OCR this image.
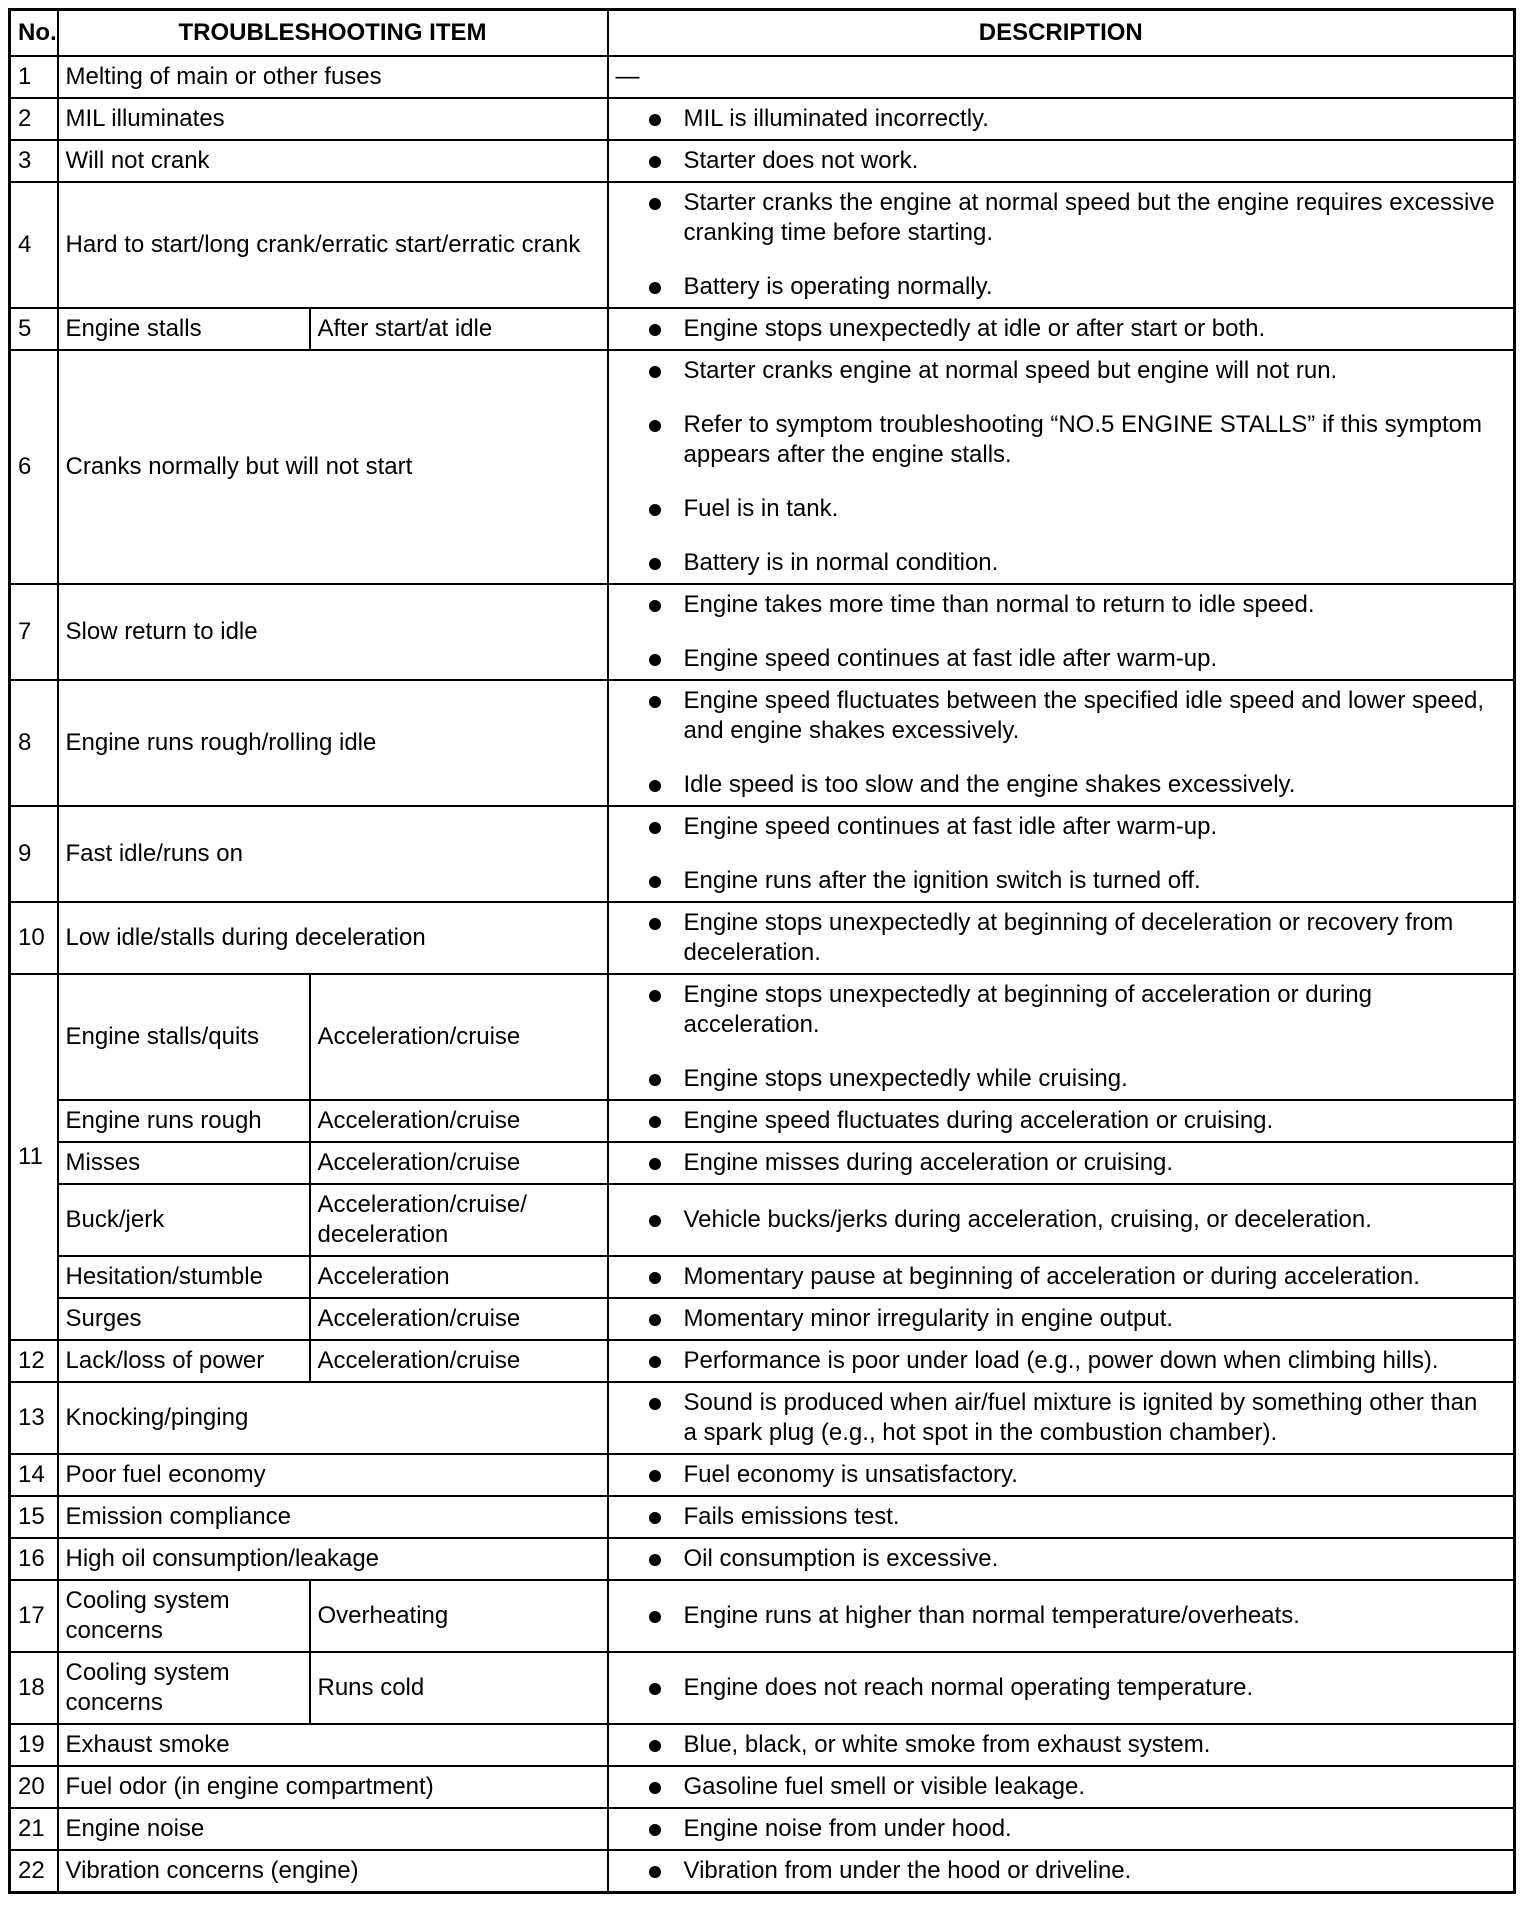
No.	TROUBLESHOOTING ITEM		DESCRIPTION
1	Melting of main or other fuses		—
2	MIL illuminates		MIL is illuminated incorrectly.

3	Will not crank		Starter does not work.

4	Hard to start/long crank/erratic start/erratic crank		Starter cranks the engine at normal speed but the engine requires excessive cranking time before starting.
Battery is operating normally.

5	Engine stalls	After start/at idle	Engine stops unexpectedly at idle or after start or both.

6	Cranks normally but will not start		Starter cranks engine at normal speed but engine will not run.
Refer to symptom troubleshooting “NO.5 ENGINE STALLS” if this symptom appears after the engine stalls.
Fuel is in tank.
Battery is in normal condition.

7	Slow return to idle		Engine takes more time than normal to return to idle speed.
Engine speed continues at fast idle after warm-up.

8	Engine runs rough/rolling idle		Engine speed fluctuates between the specified idle speed and lower speed, and engine shakes excessively.
Idle speed is too slow and the engine shakes excessively.

9	Fast idle/runs on		Engine speed continues at fast idle after warm-up.
Engine runs after the ignition switch is turned off.

10	Low idle/stalls during deceleration		Engine stops unexpectedly at beginning of deceleration or recovery from deceleration.

11	Engine stalls/quits	Acceleration/cruise	Engine stops unexpectedly at beginning of acceleration or during acceleration.
Engine stops unexpectedly while cruising.

	Engine runs rough	Acceleration/cruise	Engine speed fluctuates during acceleration or cruising.

	Misses	Acceleration/cruise	Engine misses during acceleration or cruising.

	Buck/jerk	Acceleration/cruise/ deceleration	Vehicle bucks/jerks during acceleration, cruising, or deceleration.

	Hesitation/stumble	Acceleration	Momentary pause at beginning of acceleration or during acceleration.

	Surges	Acceleration/cruise	Momentary minor irregularity in engine output.

12	Lack/loss of power	Acceleration/cruise	Performance is poor under load (e.g., power down when climbing hills).

13	Knocking/pinging		Sound is produced when air/fuel mixture is ignited by something other than a spark plug (e.g., hot spot in the combustion chamber).

14	Poor fuel economy		Fuel economy is unsatisfactory.

15	Emission compliance		Fails emissions test.

16	High oil consumption/leakage		Oil consumption is excessive.

17	Cooling system concerns	Overheating	Engine runs at higher than normal temperature/overheats.

18	Cooling system concerns	Runs cold	Engine does not reach normal operating temperature.

19	Exhaust smoke		Blue, black, or white smoke from exhaust system.

20	Fuel odor (in engine compartment)		Gasoline fuel smell or visible leakage.

21	Engine noise		Engine noise from under hood.

22	Vibration concerns (engine)		Vibration from under the hood or driveline.
